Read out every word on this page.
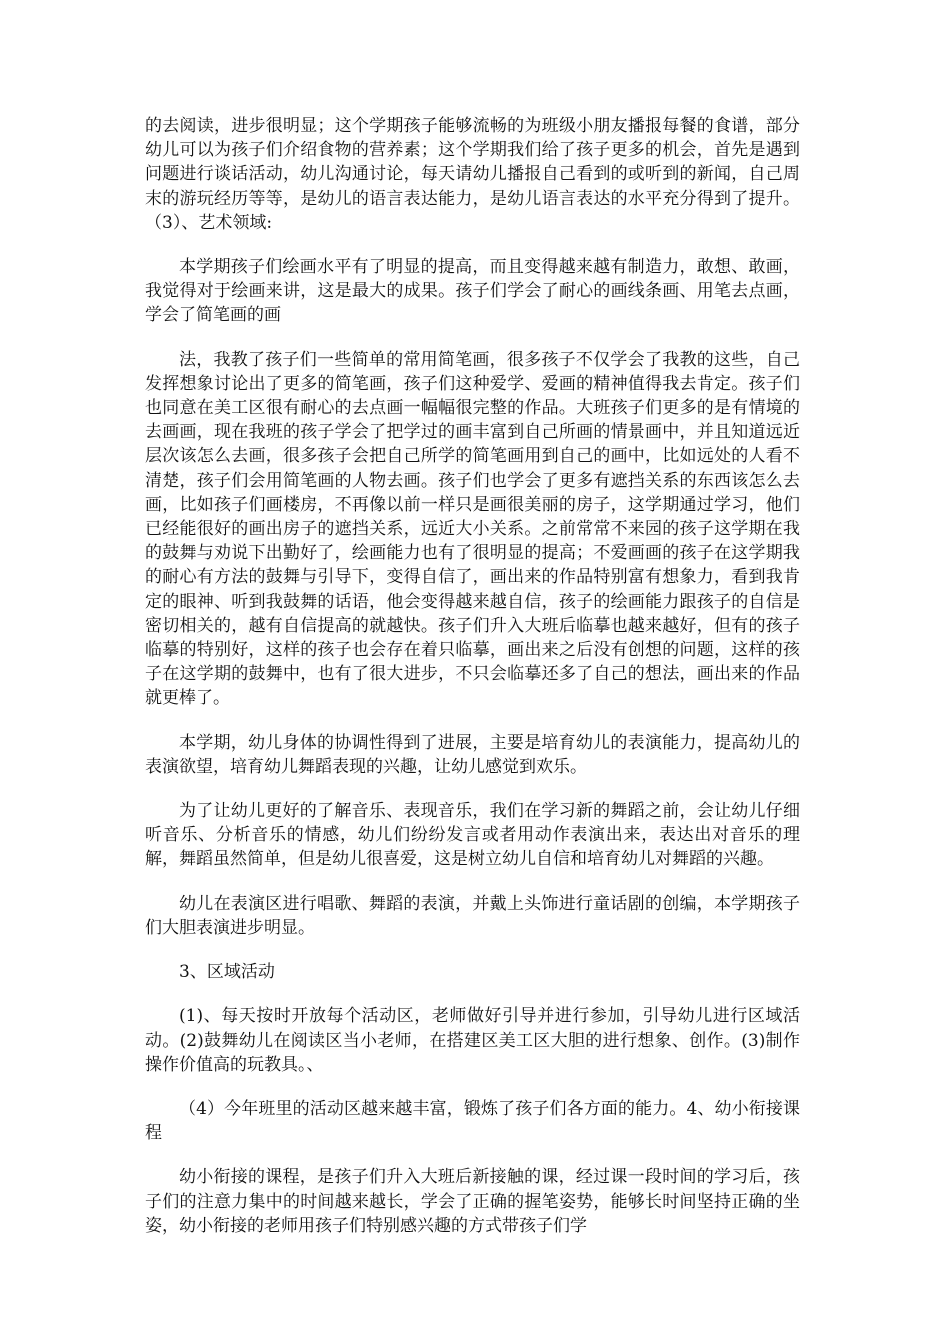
的去阅读，进步很明显；这个学期孩子能够流畅的为班级小朋友播报每餐的食谱，部分幼儿可以为孩子们介绍食物的营养素；这个学期我们给了孩子更多的机会，首先是遇到问题进行谈话活动，幼儿沟通讨论，每天请幼儿播报自己看到的或听到的新闻，自己周末的游玩经历等等，是幼儿的语言表达能力，是幼儿语言表达的水平充分得到了提升。（3）、艺术领域:

本学期孩子们绘画水平有了明显的提高，而且变得越来越有制造力，敢想、敢画，我觉得对于绘画来讲，这是最大的成果。孩子们学会了耐心的画线条画、用笔去点画，学会了简笔画的画

法，我教了孩子们一些简单的常用简笔画，很多孩子不仅学会了我教的这些，自己发挥想象讨论出了更多的简笔画，孩子们这种爱学、爱画的精神值得我去肯定。孩子们也同意在美工区很有耐心的去点画一幅幅很完整的作品。大班孩子们更多的是有情境的去画画，现在我班的孩子学会了把学过的画丰富到自己所画的情景画中，并且知道远近层次该怎么去画，很多孩子会把自己所学的简笔画用到自己的画中，比如远处的人看不清楚，孩子们会用简笔画的人物去画。孩子们也学会了更多有遮挡关系的东西该怎么去画，比如孩子们画楼房，不再像以前一样只是画很美丽的房子，这学期通过学习，他们已经能很好的画出房子的遮挡关系，远近大小关系。之前常常不来园的孩子这学期在我的鼓舞与劝说下出勤好了，绘画能力也有了很明显的提高；不爱画画的孩子在这学期我的耐心有方法的鼓舞与引导下，变得自信了，画出来的作品特别富有想象力，看到我肯定的眼神、听到我鼓舞的话语，他会变得越来越自信，孩子的绘画能力跟孩子的自信是密切相关的，越有自信提高的就越快。孩子们升入大班后临摹也越来越好，但有的孩子临摹的特别好，这样的孩子也会存在着只临摹，画出来之后没有创想的问题，这样的孩子在这学期的鼓舞中，也有了很大进步，不只会临摹还多了自己的想法，画出来的作品就更棒了。

本学期，幼儿身体的协调性得到了进展，主要是培育幼儿的表演能力，提高幼儿的表演欲望，培育幼儿舞蹈表现的兴趣，让幼儿感觉到欢乐。

为了让幼儿更好的了解音乐、表现音乐，我们在学习新的舞蹈之前，会让幼儿仔细听音乐、分析音乐的情感，幼儿们纷纷发言或者用动作表演出来，表达出对音乐的理解，舞蹈虽然简单，但是幼儿很喜爱，这是树立幼儿自信和培育幼儿对舞蹈的兴趣。

幼儿在表演区进行唱歌、舞蹈的表演，并戴上头饰进行童话剧的创编，本学期孩子们大胆表演进步明显。

3、区域活动

(1)、每天按时开放每个活动区，老师做好引导并进行参加，引导幼儿进行区域活动。(2)鼓舞幼儿在阅读区当小老师，在搭建区美工区大胆的进行想象、创作。(3)制作操作价值高的玩教具。、

（4）今年班里的活动区越来越丰富，锻炼了孩子们各方面的能力。4、幼小衔接课程

幼小衔接的课程，是孩子们升入大班后新接触的课，经过课一段时间的学习后，孩子们的注意力集中的时间越来越长，学会了正确的握笔姿势，能够长时间坚持正确的坐姿，幼小衔接的老师用孩子们特别感兴趣的方式带孩子们学
